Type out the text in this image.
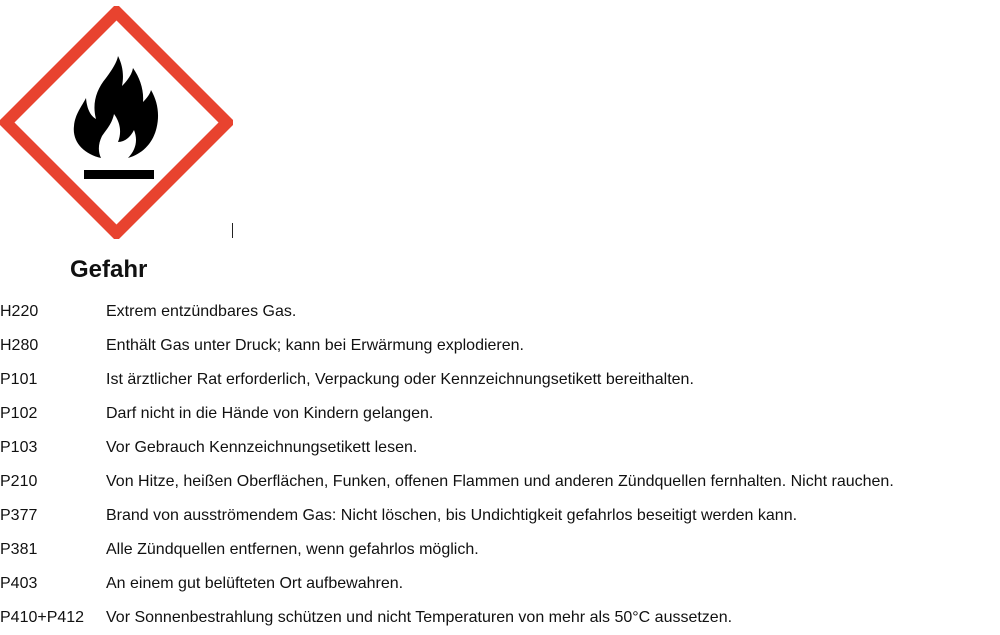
Gefahr
H220	Extrem entzündbares Gas.
H280	Enthält Gas unter Druck; kann bei Erwärmung explodieren.
P101	Ist ärztlicher Rat erforderlich, Verpackung oder Kennzeichnungsetikett bereithalten.
P102	Darf nicht in die Hände von Kindern gelangen.
P103	Vor Gebrauch Kennzeichnungsetikett lesen.
P210	Von Hitze, heißen Oberflächen, Funken, offenen Flammen und anderen Zündquellen fernhalten. Nicht rauchen.
P377	Brand von ausströmendem Gas: Nicht löschen, bis Undichtigkeit gefahrlos beseitigt werden kann.
P381	Alle Zündquellen entfernen, wenn gefahrlos möglich.
P403	An einem gut belüfteten Ort aufbewahren.
P410+P412	Vor Sonnenbestrahlung schützen und nicht Temperaturen von mehr als 50°C aussetzen.
